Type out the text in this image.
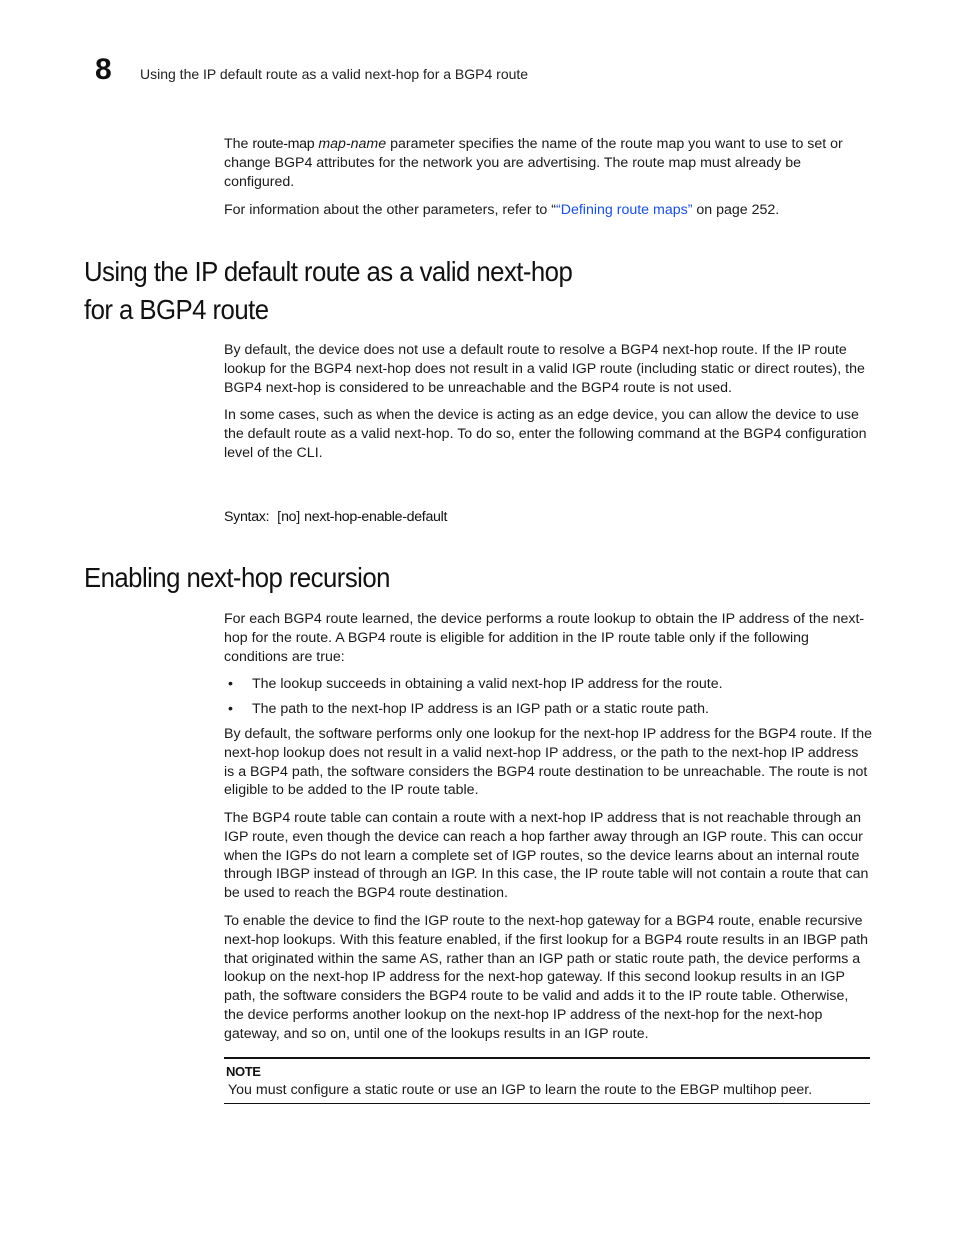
8 Using the IP default route as a valid next-hop for a BGP4 route

The route-map map-name parameter specifies the name of the route map you want to use to set or change BGP4 attributes for the network you are advertising. The route map must already be configured.

For information about the other parameters, refer to ““Defining route maps” on page 252.

Using the IP default route as a valid next-hop
for a BGP4 route

By default, the device does not use a default route to resolve a BGP4 next-hop route. If the IP route lookup for the BGP4 next-hop does not result in a valid IGP route (including static or direct routes), the BGP4 next-hop is considered to be unreachable and the BGP4 route is not used.

In some cases, such as when the device is acting as an edge device, you can allow the device to use the default route as a valid next-hop. To do so, enter the following command at the BGP4 configuration level of the CLI.

Syntax: [no] next-hop-enable-default

Enabling next-hop recursion

For each BGP4 route learned, the device performs a route lookup to obtain the IP address of the next-hop for the route. A BGP4 route is eligible for addition in the IP route table only if the following conditions are true:

• The lookup succeeds in obtaining a valid next-hop IP address for the route.
• The path to the next-hop IP address is an IGP path or a static route path.

By default, the software performs only one lookup for the next-hop IP address for the BGP4 route. If the next-hop lookup does not result in a valid next-hop IP address, or the path to the next-hop IP address is a BGP4 path, the software considers the BGP4 route destination to be unreachable. The route is not eligible to be added to the IP route table.

The BGP4 route table can contain a route with a next-hop IP address that is not reachable through an IGP route, even though the device can reach a hop farther away through an IGP route. This can occur when the IGPs do not learn a complete set of IGP routes, so the device learns about an internal route through IBGP instead of through an IGP. In this case, the IP route table will not contain a route that can be used to reach the BGP4 route destination.

To enable the device to find the IGP route to the next-hop gateway for a BGP4 route, enable recursive next-hop lookups. With this feature enabled, if the first lookup for a BGP4 route results in an IBGP path that originated within the same AS, rather than an IGP path or static route path, the device performs a lookup on the next-hop IP address for the next-hop gateway. If this second lookup results in an IGP path, the software considers the BGP4 route to be valid and adds it to the IP route table. Otherwise, the device performs another lookup on the next-hop IP address of the next-hop for the next-hop gateway, and so on, until one of the lookups results in an IGP route.

NOTE
You must configure a static route or use an IGP to learn the route to the EBGP multihop peer.
